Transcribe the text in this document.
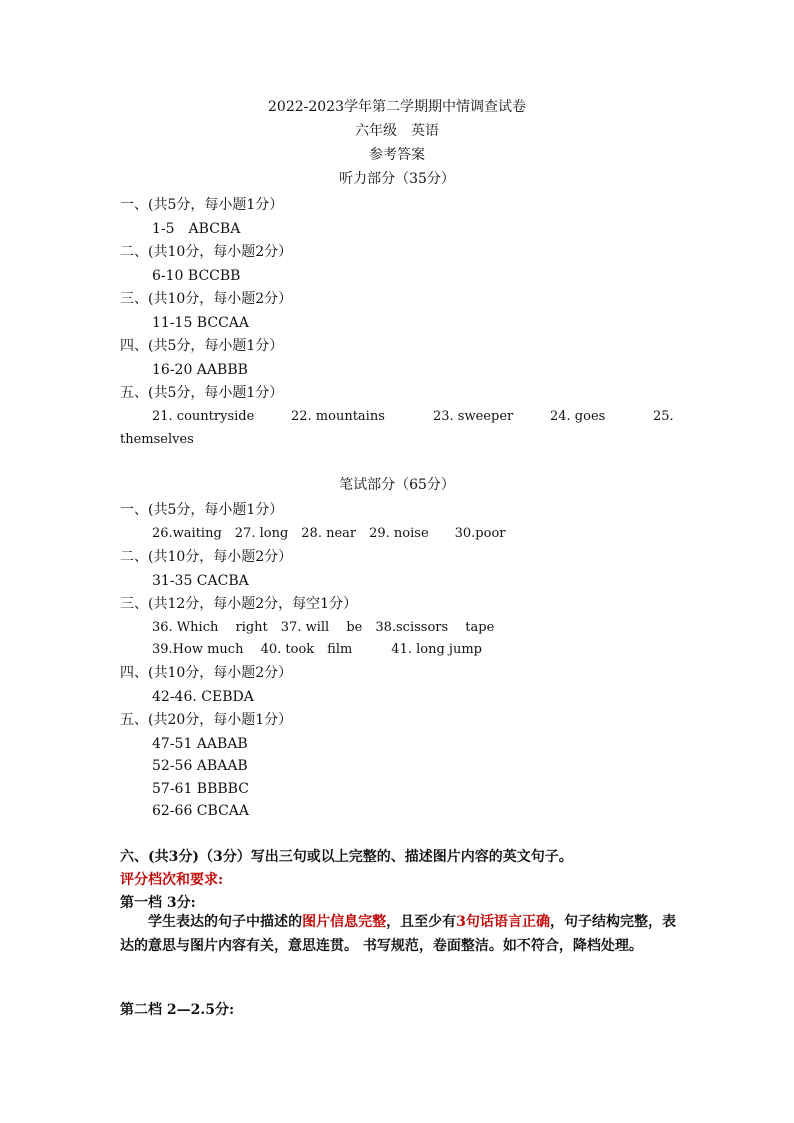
2022-2023学年第二学期期中情调查试卷
六年级　英语
参考答案
听力部分（35分）
一、(共5分，每小题1分）
1-5　ABCBA
二、(共10分，每小题2分）
6-10 BCCBB
三、(共10分，每小题2分）
11-15 BCCAA
四、(共5分，每小题1分）
16-20 AABBB
五、(共5分，每小题1分）
21. countryside	22. mountains	23. sweeper	24. goes	25.
themselves
笔试部分（65分）
一、(共5分，每小题1分）
26.waiting　27. long　28. near　29. noise　　30.poor
二、(共10分，每小题2分）
31-35 CACBA
三、(共12分，每小题2分，每空1分）
36. Which　 right　37. will　 be　38.scissors　 tape
39.How much　 40. took　film　　　41. long jump
四、(共10分，每小题2分）
42-46. CEBDA
五、(共20分，每小题1分）
47-51 AABAB
52-56 ABAAB
57-61 BBBBC
62-66 CBCAA
六、(共3分)（3分）写出三句或以上完整的、描述图片内容的英文句子。
评分档次和要求:
第一档 3分:
学生表达的句子中描述的图片信息完整，且至少有3句话语言正确，句子结构完整，表达的意思与图片内容有关，意思连贯。 书写规范，卷面整洁。如不符合，降档处理。
第二档 2—2.5分:
